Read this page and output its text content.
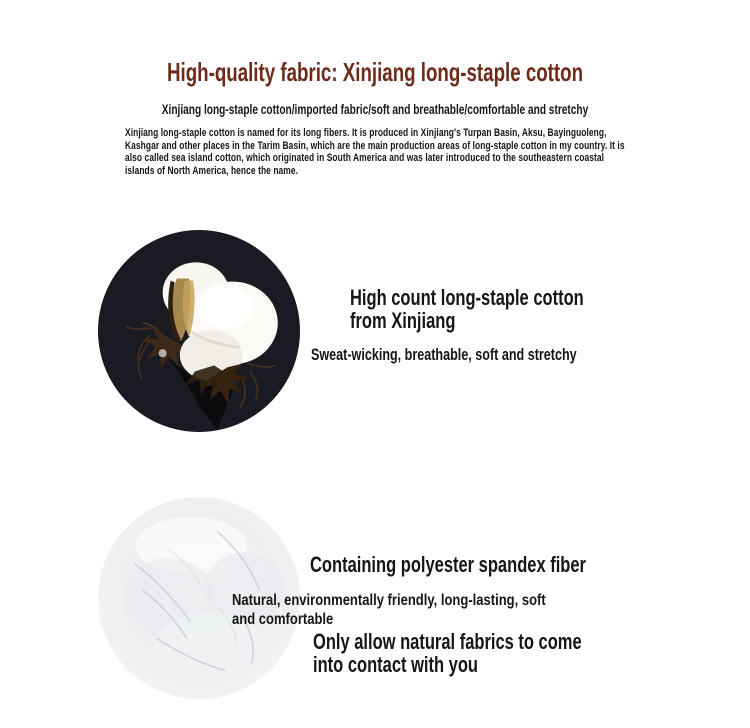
High-quality fabric: Xinjiang long-staple cotton
Xinjiang long-staple cotton/imported fabric/soft and breathable/comfortable and stretchy

Xinjiang long-staple cotton is named for its long fibers. It is produced in Xinjiang's Turpan Basin, Aksu, Bayinguoleng, Kashgar and other places in the Tarim Basin, which are the main production areas of long-staple cotton in my country. It is also called sea island cotton, which originated in South America and was later introduced to the southeastern coastal islands of North America, hence the name.

High count long-staple cotton
from Xinjiang
Sweat-wicking, breathable, soft and stretchy
Containing polyester spandex fiber
Natural, environmentally friendly, long-lasting, soft
and comfortable
Only allow natural fabrics to come
into contact with you
